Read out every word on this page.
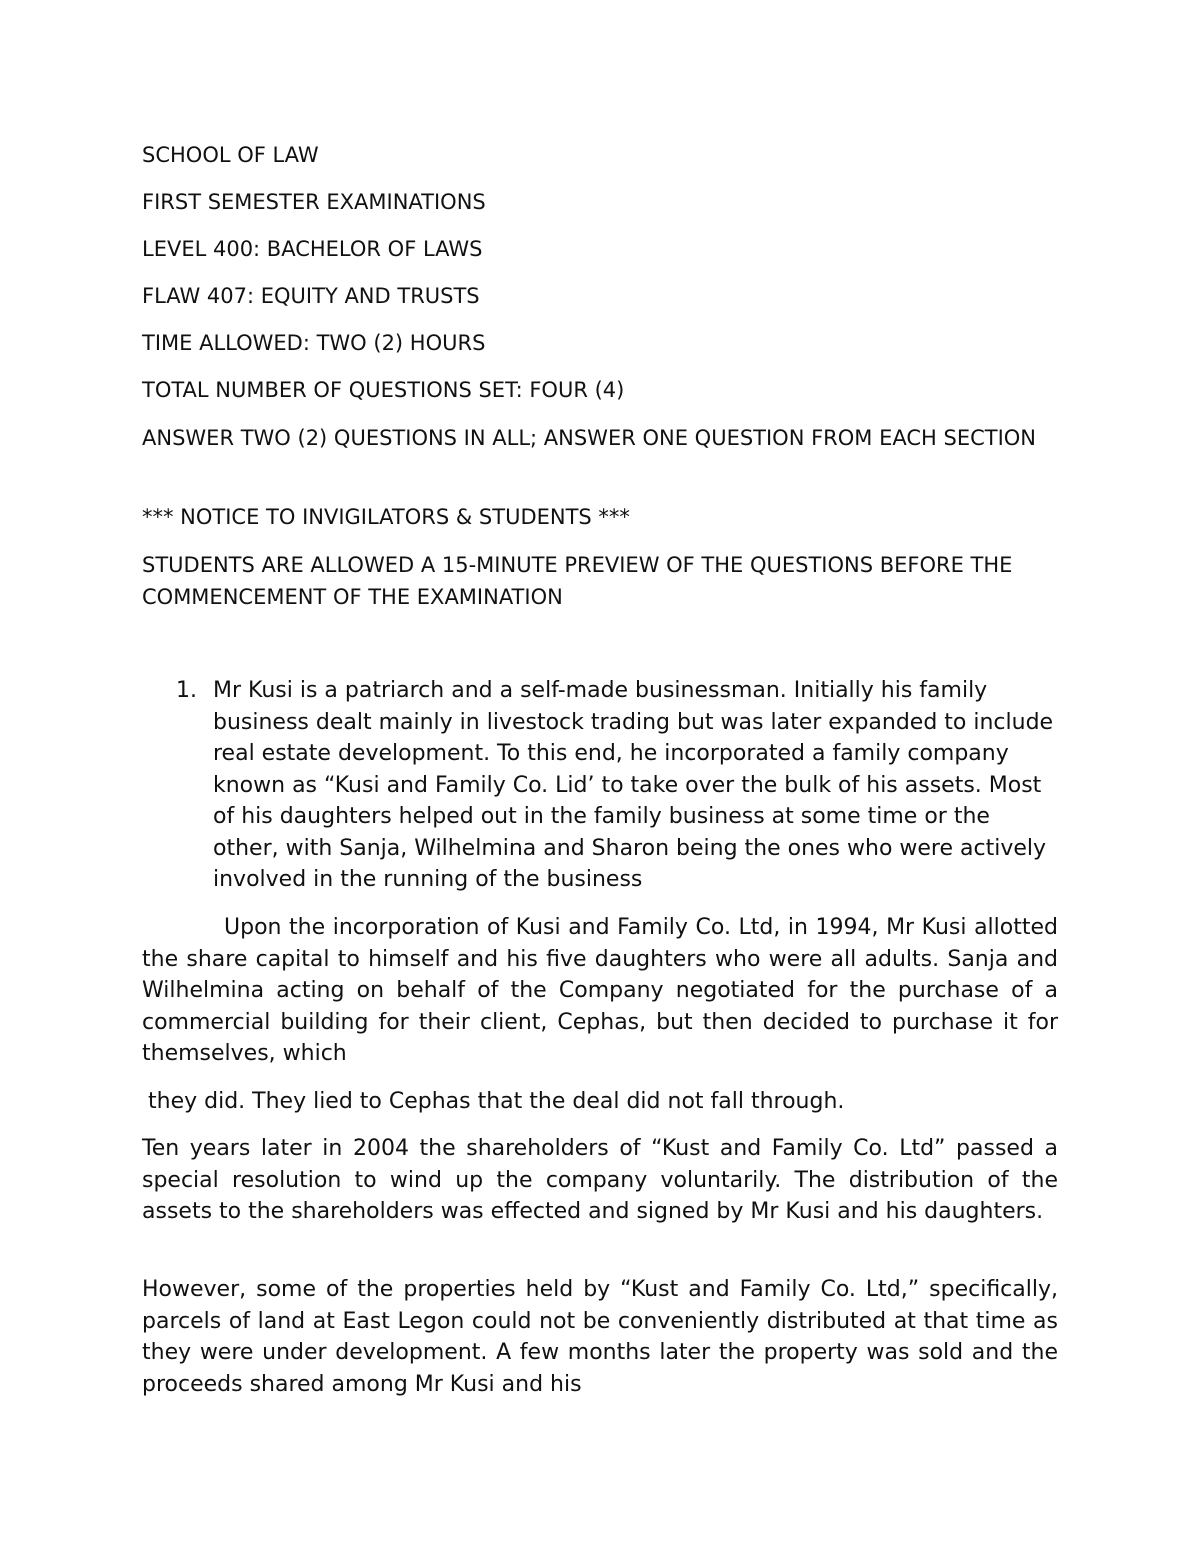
SCHOOL OF LAW

FIRST SEMESTER EXAMINATIONS

LEVEL 400: BACHELOR OF LAWS

FLAW 407: EQUITY AND TRUSTS

TIME ALLOWED: TWO (2) HOURS

TOTAL NUMBER OF QUESTIONS SET: FOUR (4)

ANSWER TWO (2) QUESTIONS IN ALL; ANSWER ONE QUESTION FROM EACH SECTION

*** NOTICE TO INVIGILATORS & STUDENTS ***

STUDENTS ARE ALLOWED A 15-MINUTE PREVIEW OF THE QUESTIONS BEFORE THE COMMENCEMENT OF THE EXAMINATION

1. Mr Kusi is a patriarch and a self-made businessman. Initially his family business dealt mainly in livestock trading but was later expanded to include real estate development. To this end, he incorporated a family company known as “Kusi and Family Co. Lid’ to take over the bulk of his assets. Most of his daughters helped out in the family business at some time or the other, with Sanja, Wilhelmina and Sharon being the ones who were actively involved in the running of the business

Upon the incorporation of Kusi and Family Co. Ltd, in 1994, Mr Kusi allotted the share capital to himself and his five daughters who were all adults. Sanja and Wilhelmina acting on behalf of the Company negotiated for the purchase of a commercial building for their client, Cephas, but then decided to purchase it for themselves, which

they did. They lied to Cephas that the deal did not fall through.

Ten years later in 2004 the shareholders of “Kust and Family Co. Ltd” passed a special resolution to wind up the company voluntarily. The distribution of the assets to the shareholders was effected and signed by Mr Kusi and his daughters.

However, some of the properties held by “Kust and Family Co. Ltd,” specifically, parcels of land at East Legon could not be conveniently distributed at that time as they were under development. A few months later the property was sold and the proceeds shared among Mr Kusi and his
